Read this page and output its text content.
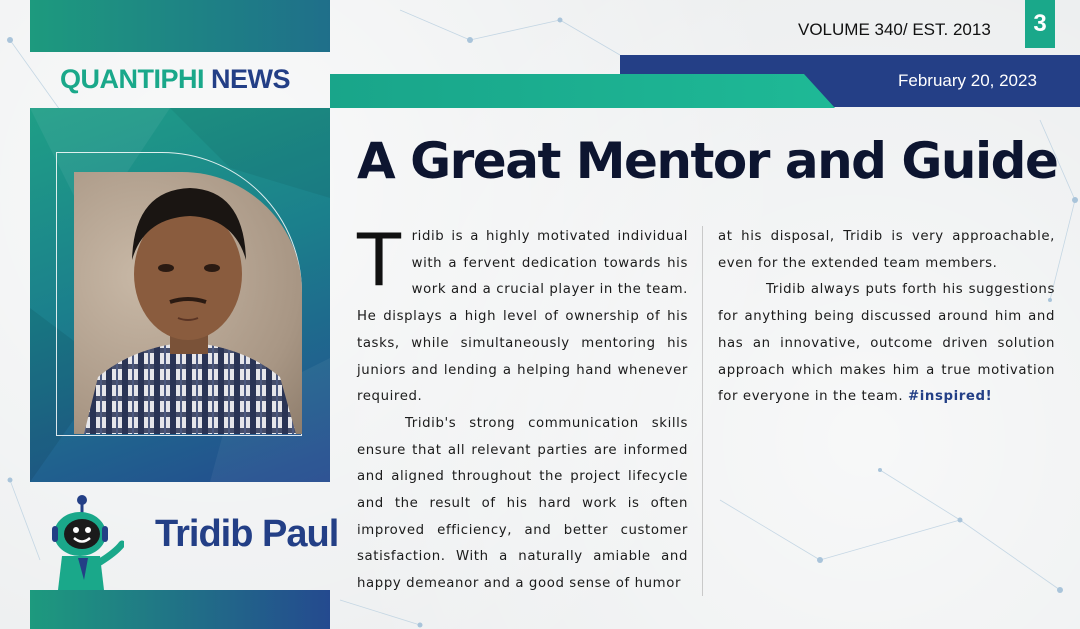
QUANTIPHI NEWS
Tridib Paul
VOLUME 340/ EST. 2013	3
February 20, 2023
A Great Mentor and Guide

Tridib is a highly motivated individual with a fervent dedication towards his work and a crucial player in the team. He displays a high level of ownership of his tasks, while simultaneously mentoring his juniors and lending a helping hand whenever required.

Tridib's strong communication skills ensure that all relevant parties are informed and aligned throughout the project lifecycle and the result of his hard work is often improved efficiency, and better customer satisfaction. With a naturally amiable and happy demeanor and a good sense of humor

at his disposal, Tridib is very approachable, even for the extended team members.

Tridib always puts forth his suggestions for anything being discussed around him and has an innovative, outcome driven solution approach which makes him a true motivation for everyone in the team. #inspired!
